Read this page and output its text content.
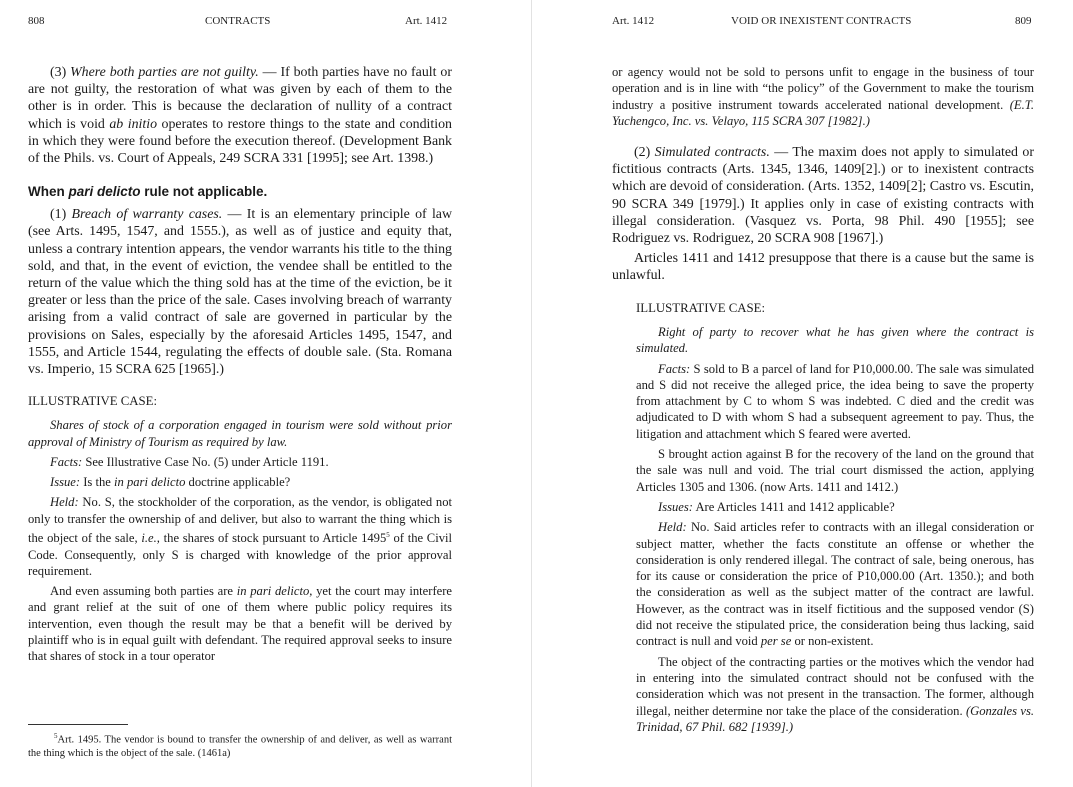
808	CONTRACTS	Art. 1412

(3) Where both parties are not guilty. — If both parties have no fault or are not guilty, the restoration of what was given by each of them to the other is in order. This is because the declaration of nullity of a contract which is void ab initio operates to restore things to the state and condition in which they were found before the execution thereof. (Development Bank of the Phils. vs. Court of Appeals, 249 SCRA 331 [1995]; see Art. 1398.)

When pari delicto rule not applicable.

(1) Breach of warranty cases. — It is an elementary principle of law (see Arts. 1495, 1547, and 1555.), as well as of justice and equity that, unless a contrary intention appears, the vendor warrants his title to the thing sold, and that, in the event of eviction, the vendee shall be entitled to the return of the value which the thing sold has at the time of the eviction, be it greater or less than the price of the sale. Cases involving breach of warranty arising from a valid contract of sale are governed in particular by the provisions on Sales, especially by the aforesaid Articles 1495, 1547, and 1555, and Article 1544, regulating the effects of double sale. (Sta. Romana vs. Imperio, 15 SCRA 625 [1965].)

ILLUSTRATIVE CASE:

Shares of stock of a corporation engaged in tourism were sold without prior approval of Ministry of Tourism as required by law.

Facts: See Illustrative Case No. (5) under Article 1191.

Issue: Is the in pari delicto doctrine applicable?

Held: No. S, the stockholder of the corporation, as the vendor, is obligated not only to transfer the ownership of and deliver, but also to warrant the thing which is the object of the sale, i.e., the shares of stock pursuant to Article 1495$^5$ of the Civil Code. Consequently, only S is charged with knowledge of the prior approval requirement.

And even assuming both parties are in pari delicto, yet the court may interfere and grant relief at the suit of one of them where public policy requires its intervention, even though the result may be that a benefit will be derived by plaintiff who is in equal guilt with defendant. The required approval seeks to insure that shares of stock in a tour operator

$^5$Art. 1495. The vendor is bound to transfer the ownership of and deliver, as well as warrant the thing which is the object of the sale. (1461a)
Art. 1412	VOID OR INEXISTENT CONTRACTS	809

or agency would not be sold to persons unfit to engage in the business of tour operation and is in line with “the policy” of the Government to make the tourism industry a positive instrument towards accelerated national development. (E.T. Yuchengco, Inc. vs. Velayo, 115 SCRA 307 [1982].)

(2) Simulated contracts. — The maxim does not apply to simulated or fictitious contracts (Arts. 1345, 1346, 1409[2].) or to inexistent contracts which are devoid of consideration. (Arts. 1352, 1409[2]; Castro vs. Escutin, 90 SCRA 349 [1979].) It applies only in case of existing contracts with illegal consideration. (Vasquez vs. Porta, 98 Phil. 490 [1955]; see Rodriguez vs. Rodriguez, 20 SCRA 908 [1967].)

Articles 1411 and 1412 presuppose that there is a cause but the same is unlawful.

ILLUSTRATIVE CASE:

Right of party to recover what he has given where the contract is simulated.

Facts: S sold to B a parcel of land for P10,000.00. The sale was simulated and S did not receive the alleged price, the idea being to save the property from attachment by C to whom S was indebted. C died and the credit was adjudicated to D with whom S had a subsequent agreement to pay. Thus, the litigation and attachment which S feared were averted.

S brought action against B for the recovery of the land on the ground that the sale was null and void. The trial court dismissed the action, applying Articles 1305 and 1306. (now Arts. 1411 and 1412.)

Issues: Are Articles 1411 and 1412 applicable?

Held: No. Said articles refer to contracts with an illegal consideration or subject matter, whether the facts constitute an offense or whether the consideration is only rendered illegal. The contract of sale, being onerous, has for its cause or consideration the price of P10,000.00 (Art. 1350.); and both the consideration as well as the subject matter of the contract are lawful. However, as the contract was in itself fictitious and the supposed vendor (S) did not receive the stipulated price, the consideration being thus lacking, said contract is null and void per se or non-existent.

The object of the contracting parties or the motives which the vendor had in entering into the simulated contract should not be confused with the consideration which was not present in the transaction. The former, although illegal, neither determine nor take the place of the consideration. (Gonzales vs. Trinidad, 67 Phil. 682 [1939].)
